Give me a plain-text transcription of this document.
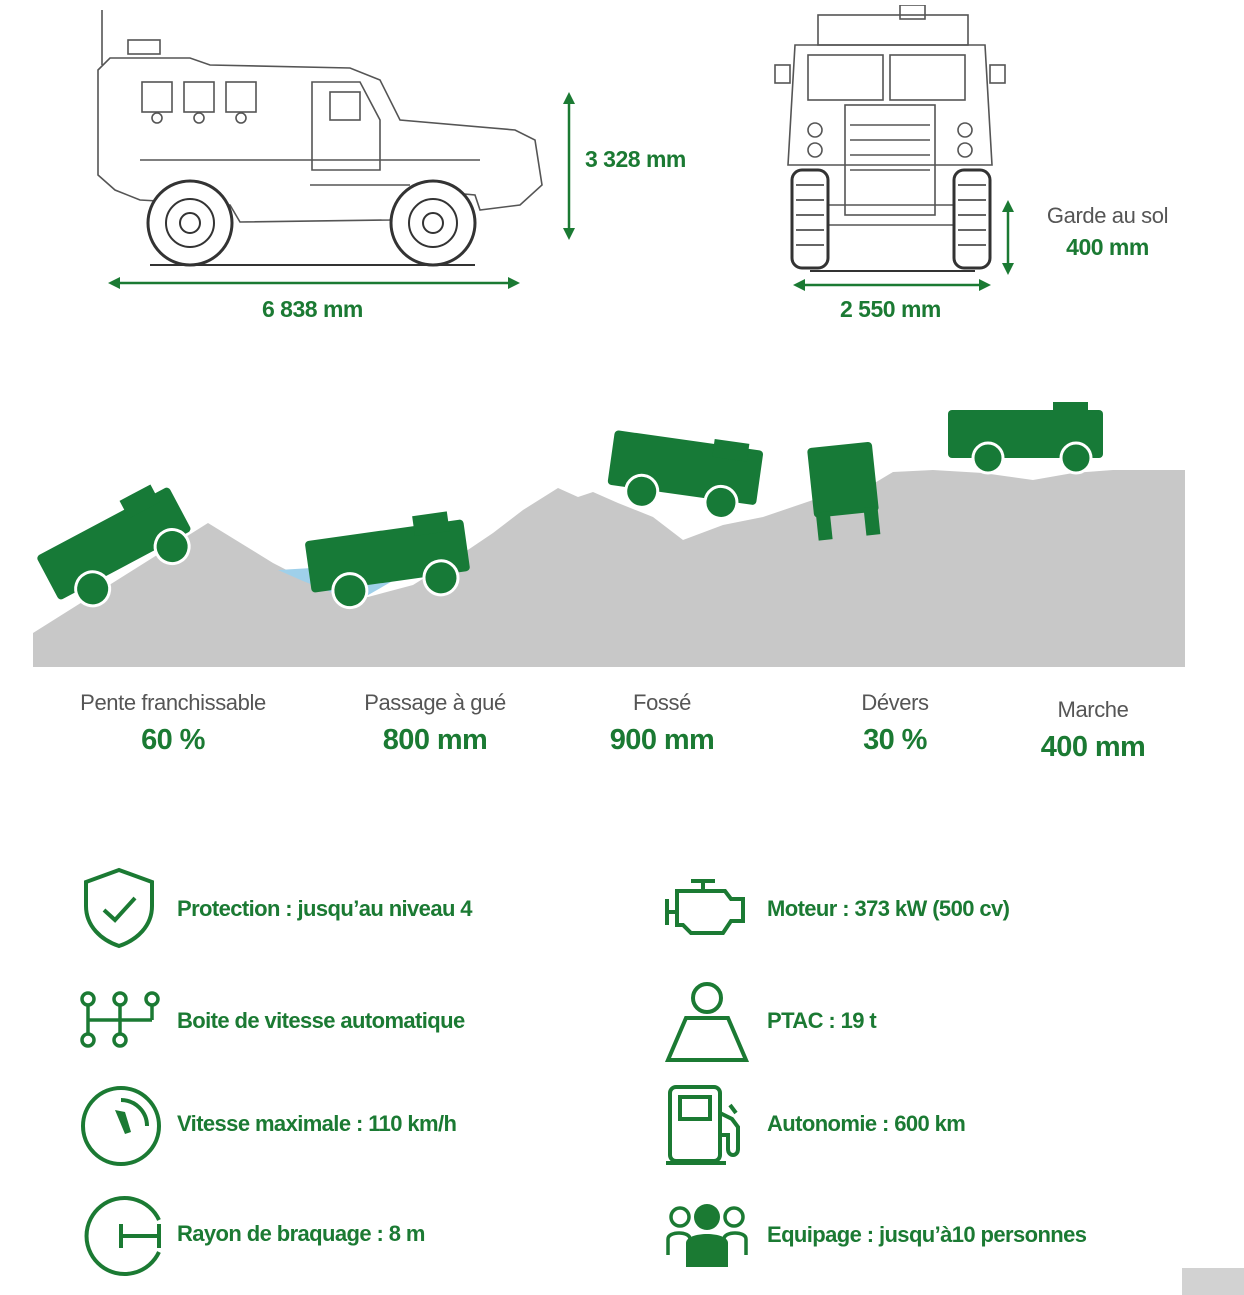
3 328 mm
6 838 mm
Garde au sol
400 mm
2 550 mm
Pente franchissable
60 %
Passage à gué
800 mm
Fossé
900 mm
Dévers
30 %
Marche
400 mm
Protection : jusqu’au niveau 4	Moteur : 373 kW (500 cv)
Boite de vitesse automatique	PTAC : 19 t
Vitesse maximale : 110 km/h	Autonomie : 600 km
Rayon de braquage : 8 m	Equipage : jusqu’à10 personnes
